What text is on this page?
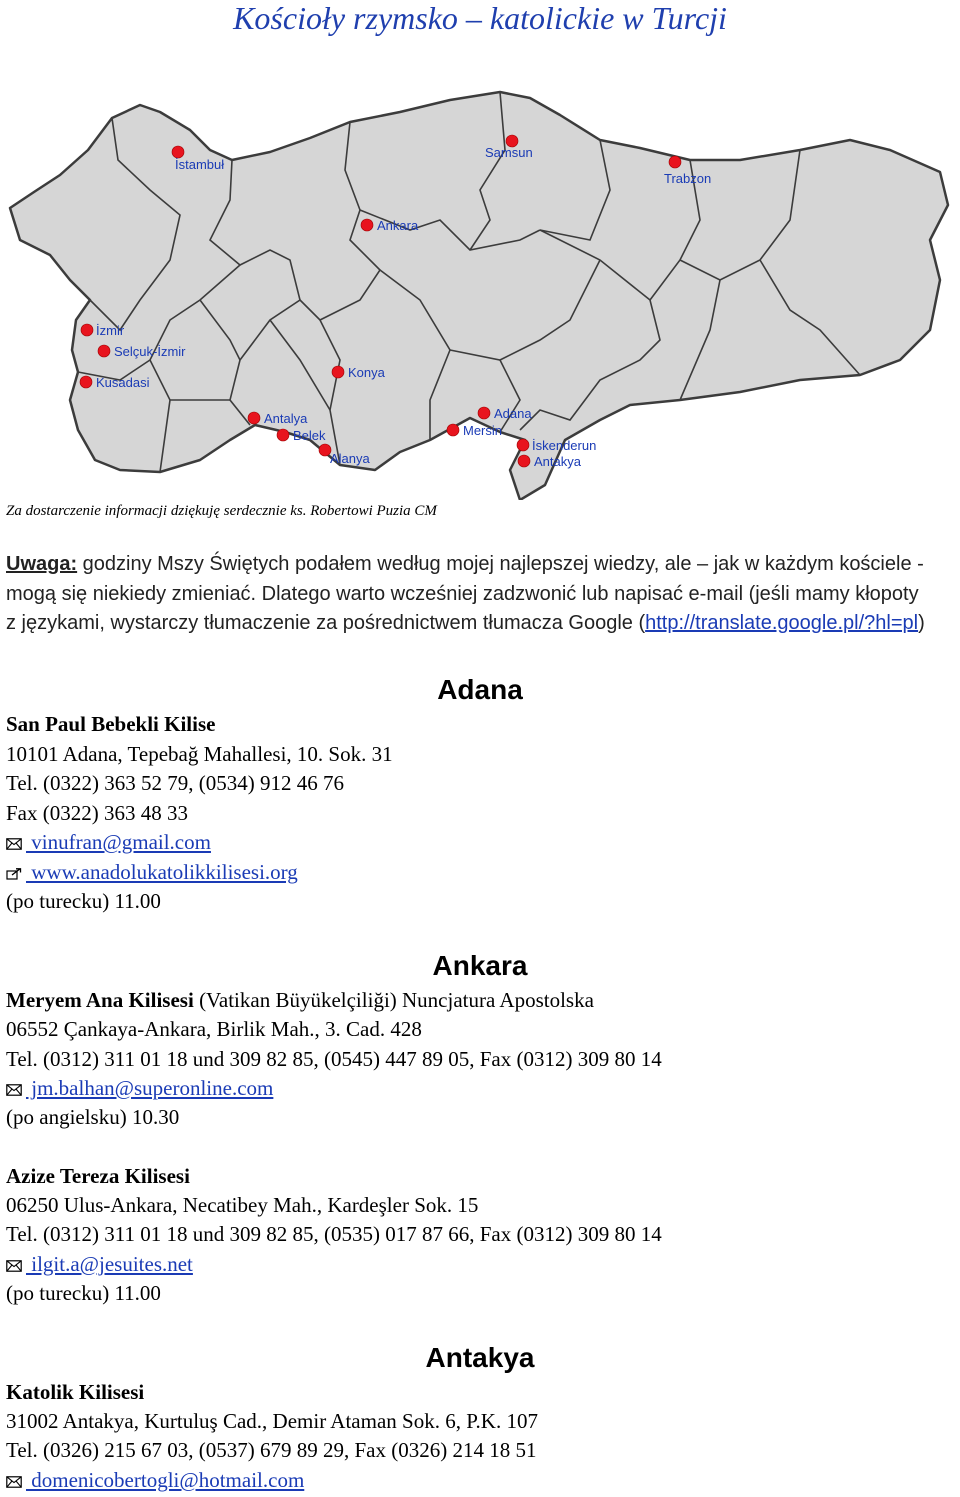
Kościoły rzymsko – katolickie w Turcji
İstambuł
Samsun
Trabzon
Ankara
İzmir
Selçuk-İzmir
Kusadasi
Konya
Antalya
Belek
Alanya
Adana
Mersin
İskenderun
Antakya
Za dostarczenie informacji dziękuję serdecznie ks. Robertowi Puzia CM
Uwaga: godziny Mszy Świętych podałem według mojej najlepszej wiedzy, ale – jak w każdym kościele - mogą się niekiedy zmieniać. Dlatego warto wcześniej zadzwonić lub napisać e-mail (jeśli mamy kłopoty z językami, wystarczy tłumaczenie za pośrednictwem tłumacza Google (http://translate.google.pl/?hl=pl)
Adana
San Paul Bebekli Kilise
10101 Adana, Tepebağ Mahallesi, 10. Sok. 31
Tel. (0322) 363 52 79, (0534) 912 46 76
Fax (0322) 363 48 33
vinufran@gmail.com
www.anadolukatolikkilisesi.org
(po turecku) 11.00
Ankara
Meryem Ana Kilisesi (Vatikan Büyükelçiliği) Nuncjatura Apostolska
06552 Çankaya-Ankara, Birlik Mah., 3. Cad. 428
Tel. (0312) 311 01 18 und 309 82 85, (0545) 447 89 05, Fax (0312) 309 80 14
jm.balhan@superonline.com
(po angielsku) 10.30
Azize Tereza Kilisesi
06250 Ulus-Ankara, Necatibey Mah., Kardeşler Sok. 15
Tel. (0312) 311 01 18 und 309 82 85, (0535) 017 87 66, Fax (0312) 309 80 14
ilgit.a@jesuites.net
(po turecku) 11.00
Antakya
Katolik Kilisesi
31002 Antakya, Kurtuluş Cad., Demir Ataman Sok. 6, P.K. 107
Tel. (0326) 215 67 03, (0537) 679 89 29, Fax (0326) 214 18 51
domenicobertogli@hotmail.com
